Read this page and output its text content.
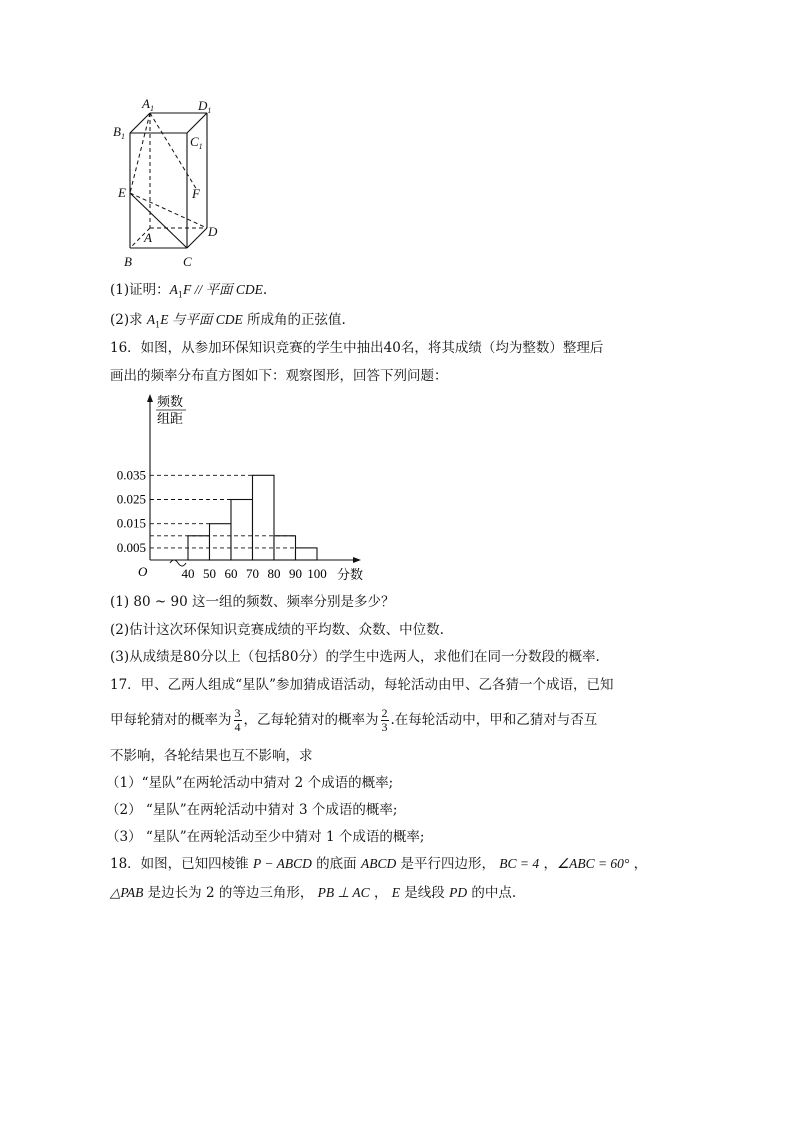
$A_1$	$D_1$
$B_1$	$C_1$
E	F
A	D
B	C
(1)证明：$A_1F$ // 平面 CDE.
(2)求 $A_1E$ 与平面 CDE 所成角的正弦值.
16．如图，从参加环保知识竞赛的学生中抽出40名，将其成绩（均为整数）整理后
画出的频率分布直方图如下：观察图形，回答下列问题：
频数
组距
O	分数
0.035
0.025
0.015
0.005
40 50 60 70 80 90 100
(1) 80 ~ 90 这一组的频数、频率分别是多少？
(2)估计这次环保知识竞赛成绩的平均数、众数、中位数.
(3)从成绩是80分以上（包括80分）的学生中选两人，求他们在同一分数段的概率.
17．甲、乙两人组成“星队”参加猜成语活动，每轮活动由甲、乙各猜一个成语，已知
甲每轮猜对的概率为 $\frac{3}{4}$ ，乙每轮猜对的概率为 $\frac{2}{3}$ .在每轮活动中，甲和乙猜对与否互
不影响，各轮结果也互不影响，求
（1）“星队”在两轮活动中猜对 2 个成语的概率;
（2） “星队”在两轮活动中猜对 3 个成语的概率;
（3） “星队”在两轮活动至少中猜对 1 个成语的概率;
18．如图，已知四棱锥 P − ABCD 的底面 ABCD 是平行四边形， BC = 4 ，∠ABC = 60° ，
△PAB 是边长为 2 的等边三角形， PB ⊥ AC ， E 是线段 PD 的中点.
